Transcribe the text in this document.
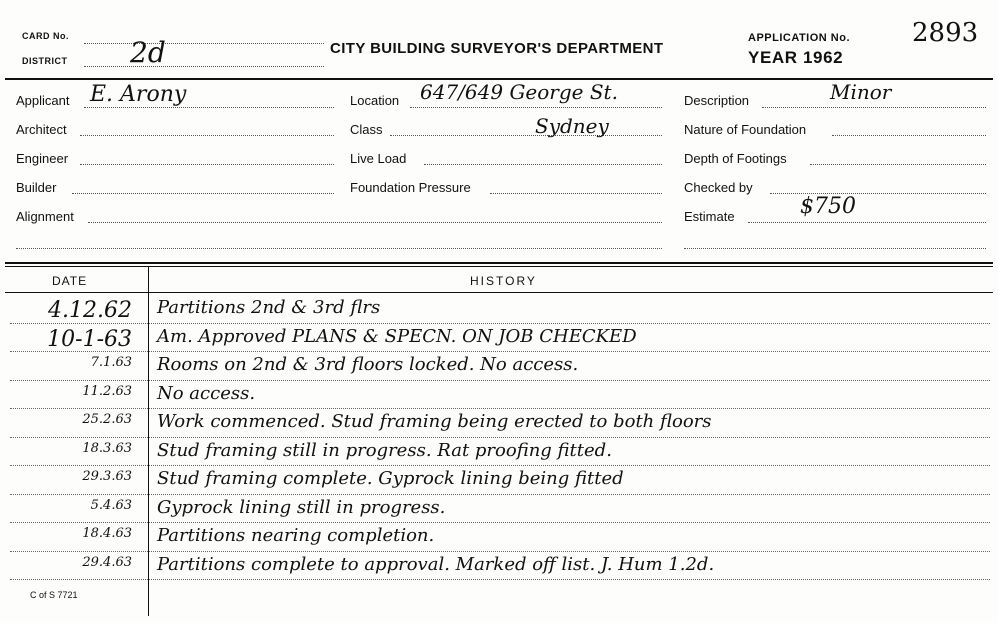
CARD No.
DISTRICT 2d	CITY BUILDING SURVEYOR'S DEPARTMENT
APPLICATION No. 2893
YEAR 1962
Applicant E. Arony
Architect
Engineer
Builder
Alignment
Location 647/649 George St.
Class	Sydney
Live Load
Foundation Pressure
Description	Minor
Nature of Foundation
Depth of Footings
Checked by
Estimate	$750
DATE	HISTORY
4.12.62	Partitions 2nd & 3rd flrs
10-1-63	Am. Approved PLANS & SPECN. ON JOB CHECKED
7.1.63	Rooms on 2nd & 3rd floors locked. No access.
11.2.63	No access.
25.2.63	Work commenced. Stud framing being erected to both floors
18.3.63	Stud framing still in progress. Rat proofing fitted.
29.3.63	Stud framing complete. Gyprock lining being fitted
5.4.63	Gyprock lining still in progress.
18.4.63	Partitions nearing completion.
29.4.63	Partitions complete to approval. Marked off list. J. Hum 1.2d.
C of S 7721
